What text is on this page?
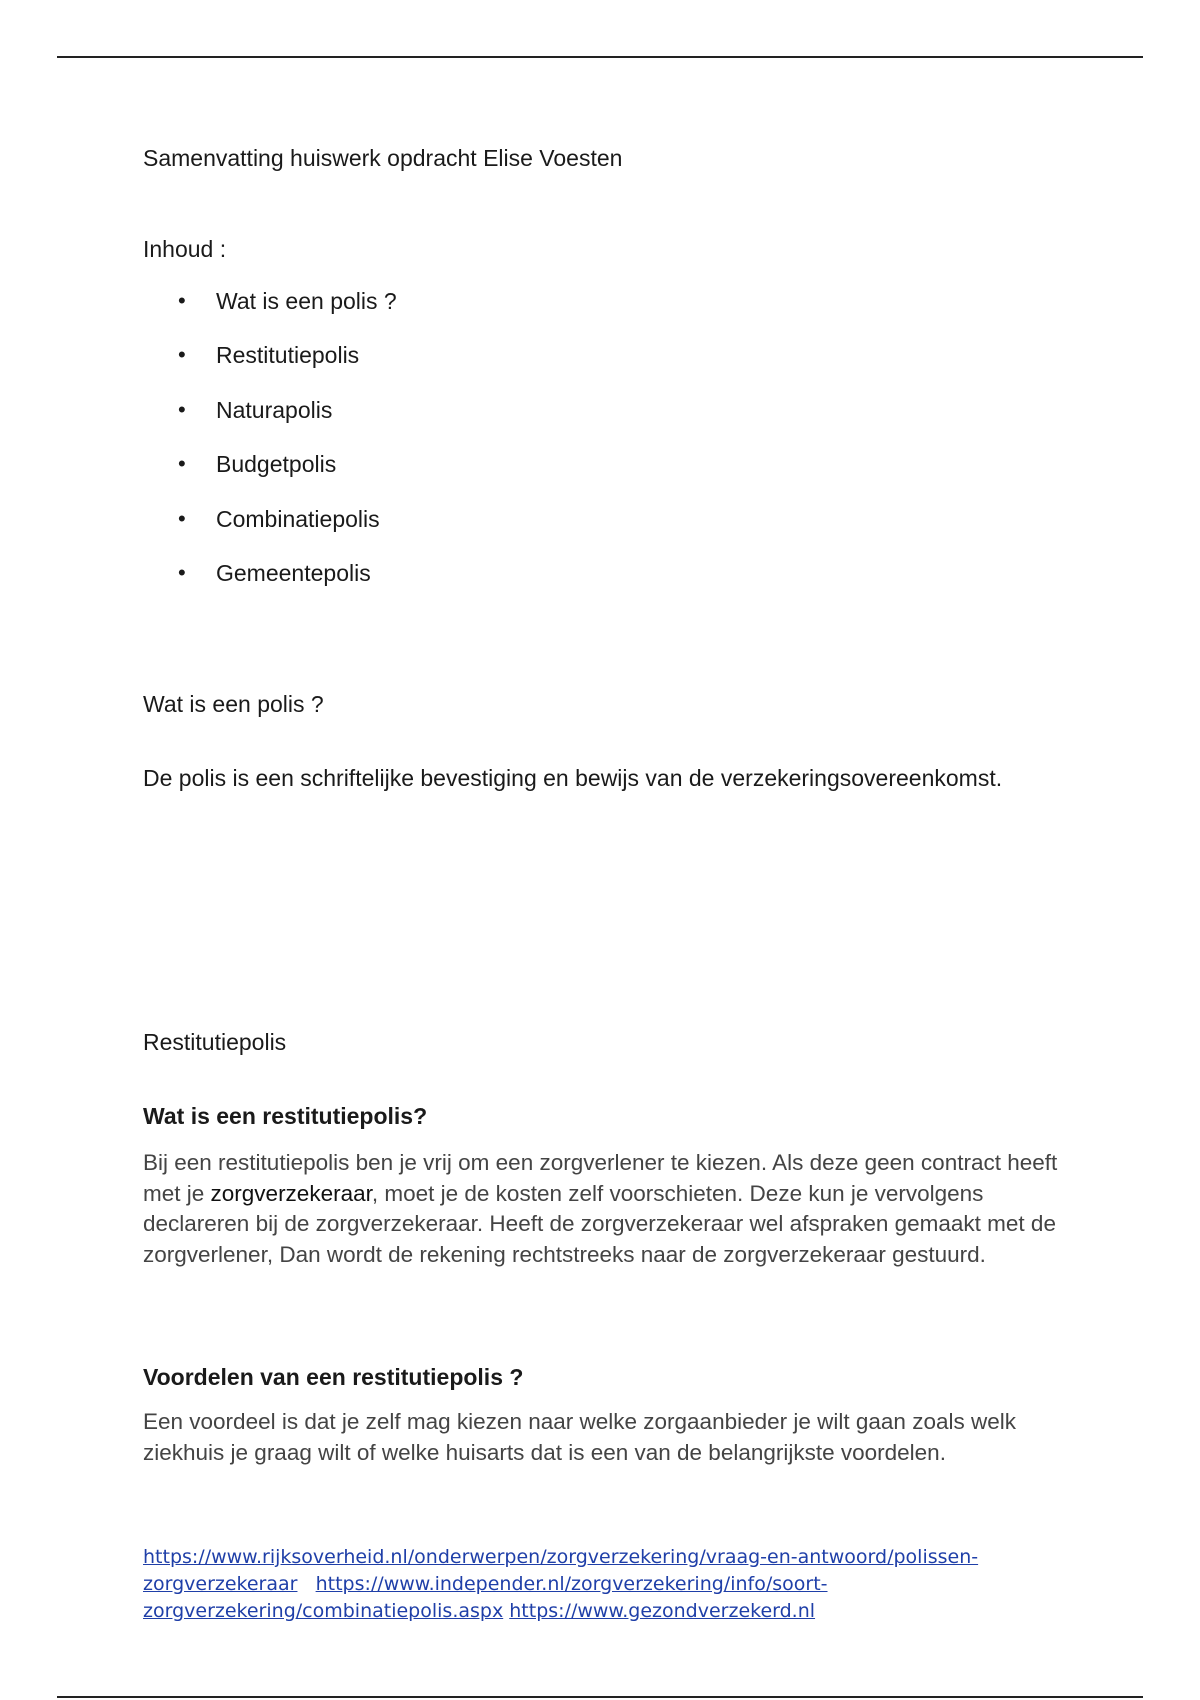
Samenvatting huiswerk opdracht Elise Voesten
Inhoud :
• Wat is een polis ?
• Restitutiepolis
• Naturapolis
• Budgetpolis
• Combinatiepolis
• Gemeentepolis
Wat is een polis ?
De polis is een schriftelijke bevestiging en bewijs van de verzekeringsovereenkomst.
Restitutiepolis
Wat is een restitutiepolis?
Bij een restitutiepolis ben je vrij om een zorgverlener te kiezen. Als deze geen contract heeft met je zorgverzekeraar, moet je de kosten zelf voorschieten. Deze kun je vervolgens declareren bij de zorgverzekeraar. Heeft de zorgverzekeraar wel afspraken gemaakt met de zorgverlener, Dan wordt de rekening rechtstreeks naar de zorgverzekeraar gestuurd.
Voordelen van een restitutiepolis ?
Een voordeel is dat je zelf mag kiezen naar welke zorgaanbieder je wilt gaan zoals welk ziekhuis je graag wilt of welke huisarts dat is een van de belangrijkste voordelen.
https://www.rijksoverheid.nl/onderwerpen/zorgverzekering/vraag-en-antwoord/polissen-zorgverzekeraar https://www.independer.nl/zorgverzekering/info/soort-zorgverzekering/combinatiepolis.aspx https://www.gezondverzekerd.nl
